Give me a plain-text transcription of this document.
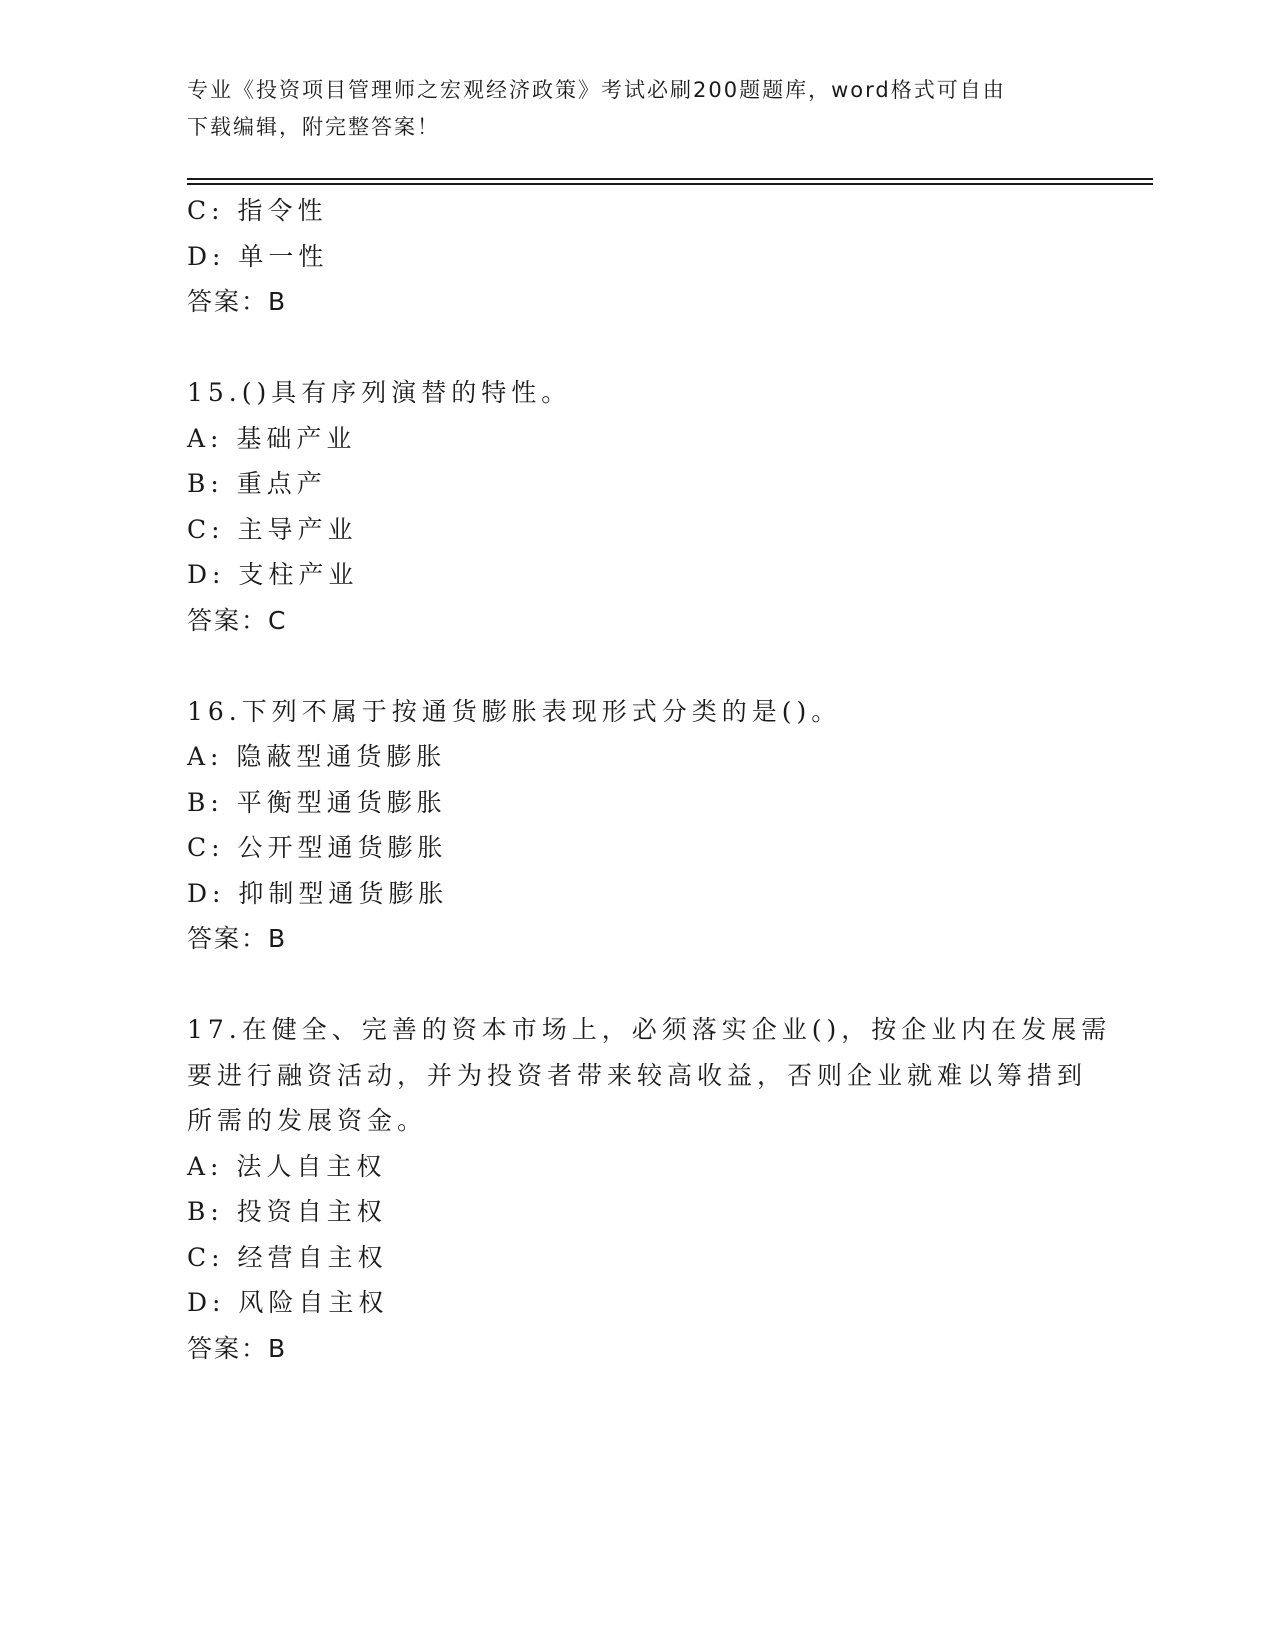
专业《投资项目管理师之宏观经济政策》考试必刷200题题库，word格式可自由
下载编辑，附完整答案！
C: 指令性
D: 单一性
答案：B
15.()具有序列演替的特性。
A: 基础产业
B: 重点产
C: 主导产业
D: 支柱产业
答案：C
16.下列不属于按通货膨胀表现形式分类的是()。
A: 隐蔽型通货膨胀
B: 平衡型通货膨胀
C: 公开型通货膨胀
D: 抑制型通货膨胀
答案：B
17.在健全、完善的资本市场上，必须落实企业()，按企业内在发展需
要进行融资活动，并为投资者带来较高收益，否则企业就难以筹措到
所需的发展资金。
A: 法人自主权
B: 投资自主权
C: 经营自主权
D: 风险自主权
答案：B
